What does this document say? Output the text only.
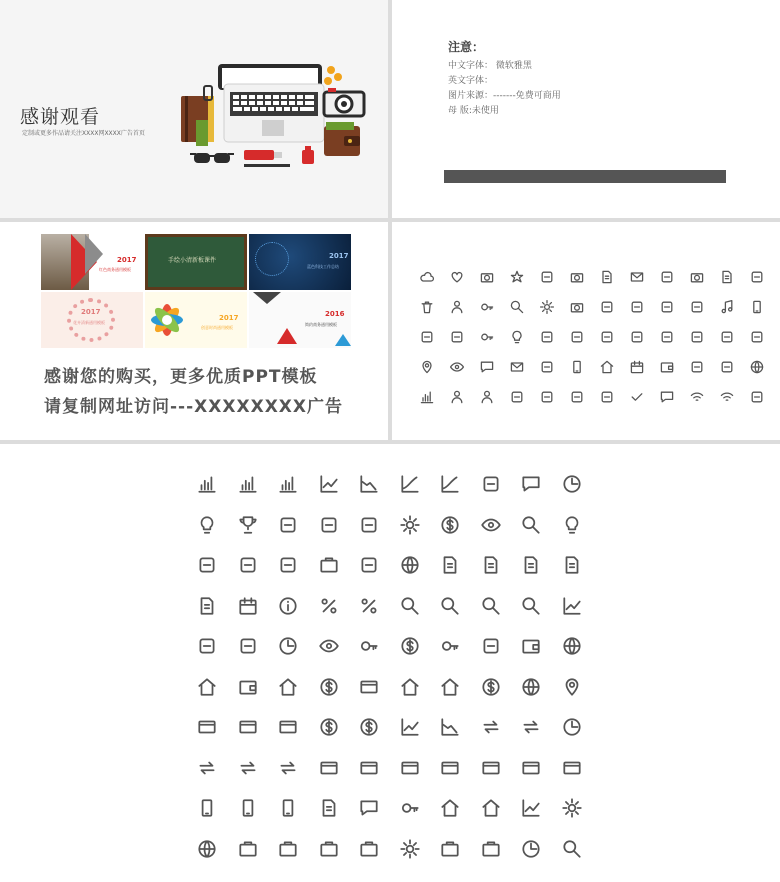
感谢观看
定制或更多作品请关注XXXX网XXXX广告首页
注意：
中文字体： 微软雅黑
英文字体：
图片来源：-------免费可商用
母 版:未使用
2017
红色商务通用模板
手绘小清新板课件
2017
蓝色科技工作总结
2017
花卉清新通用模板
2017
创意时尚通用模板
2016
简约商务通用模板
感谢您的购买，更多优质PPT模板
请复制网址访问---XXXXXXXX广告
